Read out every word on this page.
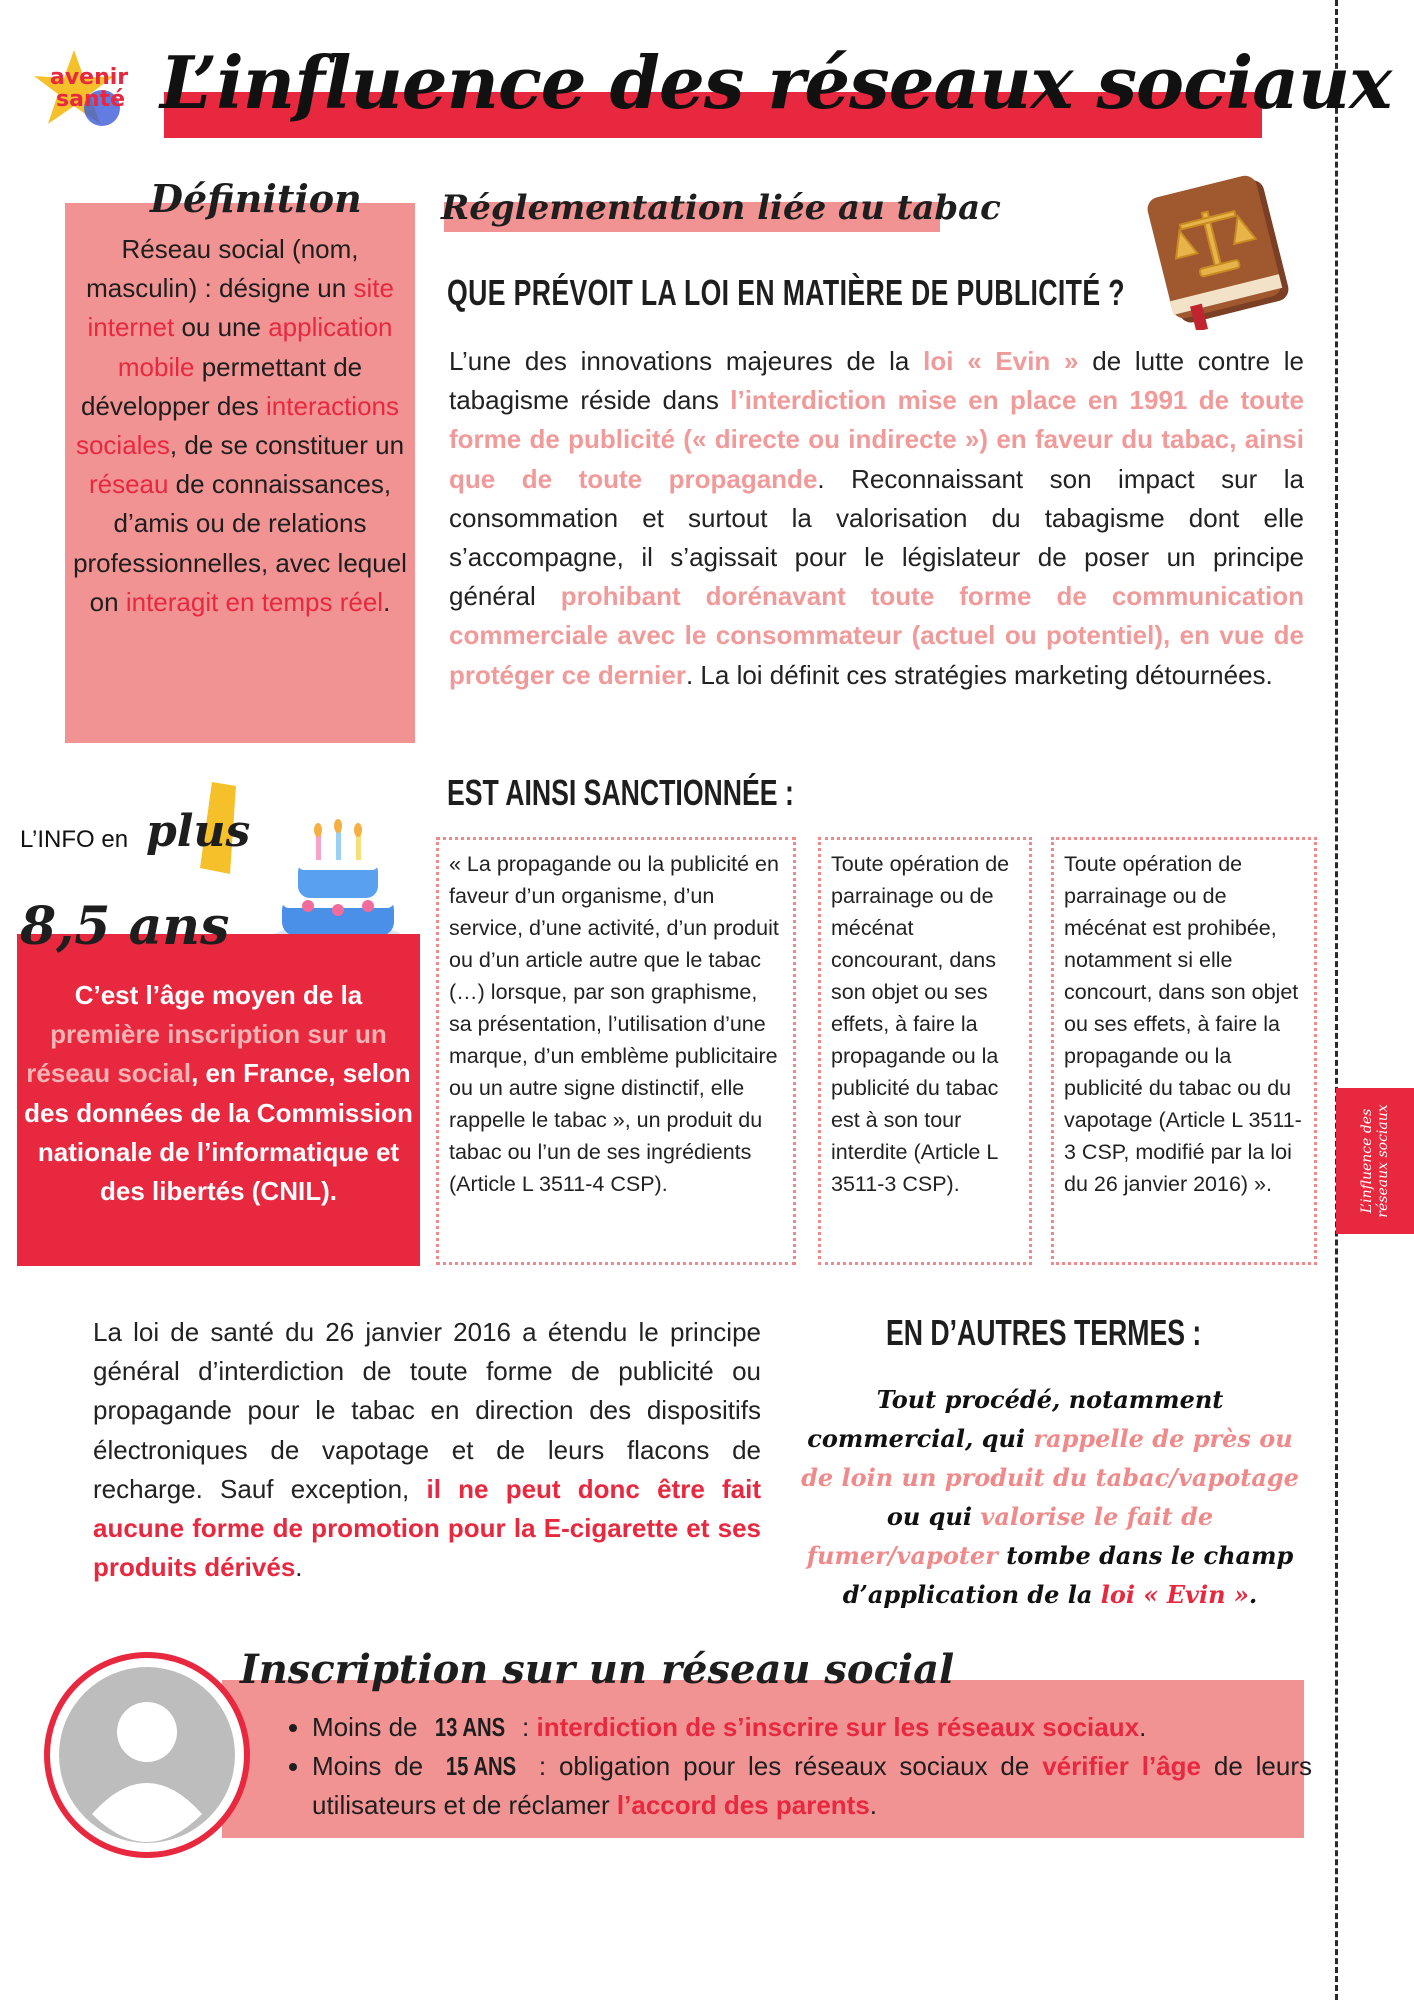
L’influence des réseaux sociaux
avenir
santé L’influence des réseaux sociaux
Définition
Réseau social (nom, masculin) : désigne un site internet ou une application mobile permettant de développer des interactions sociales, de se constituer un réseau de connaissances, d’amis ou de relations professionnelles, avec lequel on interagit en temps réel.
Réglementation liée au tabac
QUE PRÉVOIT LA LOI EN MATIÈRE DE PUBLICITÉ ?
L’une des innovations majeures de la loi « Evin » de lutte contre le tabagisme réside dans l’interdiction mise en place en 1991 de toute forme de publicité (« directe ou indirecte ») en faveur du tabac, ainsi que de toute propagande. Reconnaissant son impact sur la consommation et surtout la valorisation du tabagisme dont elle s’accompagne, il s’agissait pour le législateur de poser un principe général prohibant dorénavant toute forme de communication commerciale avec le consommateur (actuel ou potentiel), en vue de protéger ce dernier. La loi définit ces stratégies marketing détournées.
EST AINSI SANCTIONNÉE :
« La propagande ou la publicité en faveur d’un organisme, d’un service, d’une activité, d’un produit ou d’un article autre que le tabac (…) lorsque, par son graphisme, sa présentation, l’utilisation d’une marque, d’un emblème publicitaire ou un autre signe distinctif, elle rappelle le tabac », un produit du tabac ou l’un de ses ingrédients (Article L 3511-4 CSP).
Toute opération de parrainage ou de mécénat concourant, dans son objet ou ses effets, à faire la propagande ou la publicité du tabac est à son tour interdite (Article L 3511-3 CSP).
Toute opération de parrainage ou de mécénat est prohibée, notamment si elle concourt, dans son objet ou ses effets, à faire la propagande ou la publicité du tabac ou du vapotage (Article L 3511-3 CSP, modifié par la loi du 26 janvier 2016) ».
L’INFO en plus
8,5 ans
C’est l’âge moyen de la première inscription sur un réseau social, en France, selon des données de la Commission nationale de l’informatique et des libertés (CNIL).
La loi de santé du 26 janvier 2016 a étendu le principe général d’interdiction de toute forme de publicité ou propagande pour le tabac en direction des dispositifs électroniques de vapotage et de leurs flacons de recharge. Sauf exception, il ne peut donc être fait aucune forme de promotion pour la E-cigarette et ses produits dérivés.
EN D’AUTRES TERMES :
Tout procédé, notamment commercial, qui rappelle de près ou de loin un produit du tabac/vapotage ou qui valorise le fait de fumer/vapoter tombe dans le champ d’application de la loi « Evin ».
Inscription sur un réseau social
• Moins de 13 ANS : interdiction de s’inscrire sur les réseaux sociaux.
• Moins de 15 ANS : obligation pour les réseaux sociaux de vérifier l’âge de leurs utilisateurs et de réclamer l’accord des parents.
